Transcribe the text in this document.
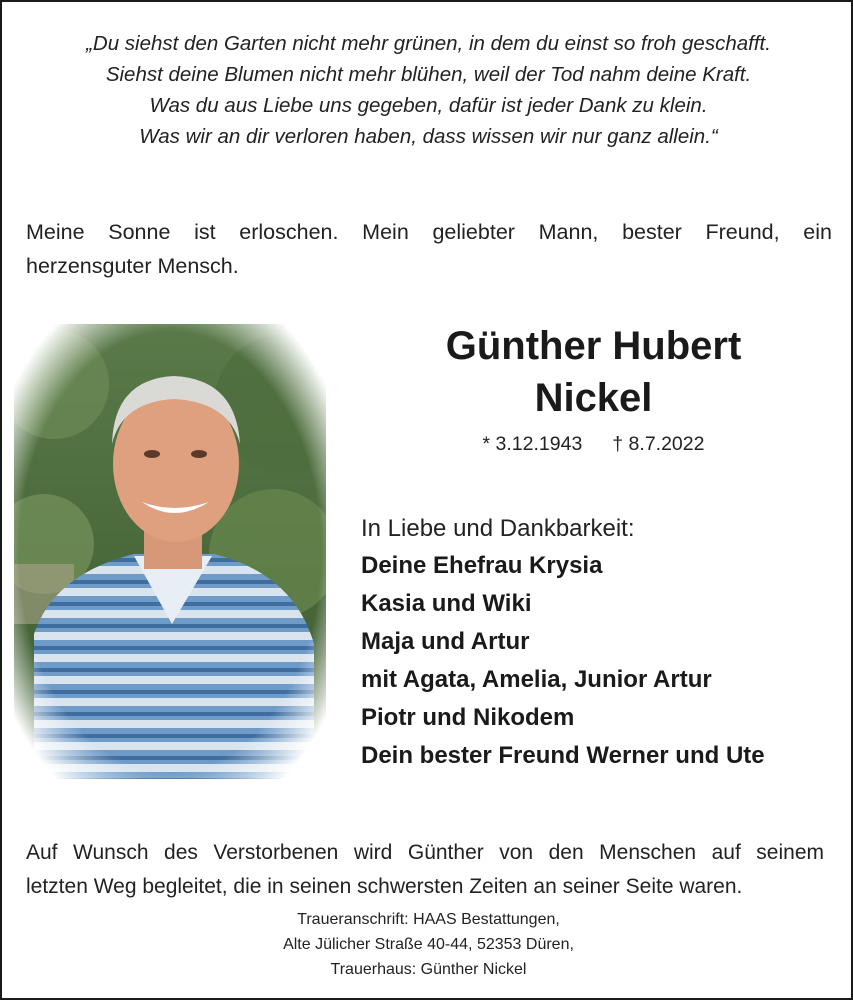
„Du siehst den Garten nicht mehr grünen, in dem du einst so froh geschafft.
Siehst deine Blumen nicht mehr blühen, weil der Tod nahm deine Kraft.
Was du aus Liebe uns gegeben, dafür ist jeder Dank zu klein.
Was wir an dir verloren haben, dass wissen wir nur ganz allein.“
Meine Sonne ist erloschen. Mein geliebter Mann, bester Freund, ein
herzensguter Mensch.
Günther Hubert
Nickel
* 3.12.1943 † 8.7.2022
In Liebe und Dankbarkeit:
Deine Ehefrau Krysia
Kasia und Wiki
Maja und Artur
mit Agata, Amelia, Junior Artur
Piotr und Nikodem
Dein bester Freund Werner und Ute
Auf Wunsch des Verstorbenen wird Günther von den Menschen auf seinem
letzten Weg begleitet, die in seinen schwersten Zeiten an seiner Seite waren.
Traueranschrift: HAAS Bestattungen,
Alte Jülicher Straße 40-44, 52353 Düren,
Trauerhaus: Günther Nickel
